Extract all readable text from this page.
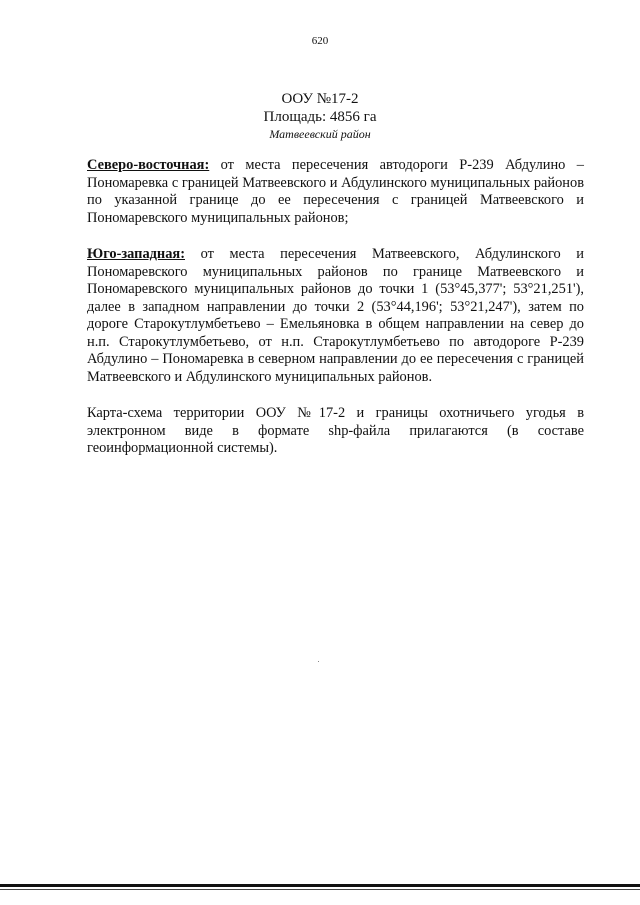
620
ООУ №17-2
Площадь: 4856 га
Матвеевский район

Северо-восточная: от места пересечения автодороги Р-239 Абдулино – Пономаревка с границей Матвеевского и Абдулинского муниципальных районов по указанной границе до ее пересечения с границей Матвеевского и Пономаревского муниципальных районов;

Юго-западная: от места пересечения Матвеевского, Абдулинского и Пономаревского муниципальных районов по границе Матвеевского и Пономаревского муниципальных районов до точки 1 (53°45,377'; 53°21,251'), далее в западном направлении до точки 2 (53°44,196'; 53°21,247'), затем по дороге Старокутлумбетьево – Емельяновка в общем направлении на север до н.п. Старокутлумбетьево, от н.п. Старокутлумбетьево по автодороге Р-239 Абдулино – Пономаревка в северном направлении до ее пересечения с границей Матвеевского и Абдулинского муниципальных районов.

Карта-схема территории ООУ №17-2 и границы охотничьего угодья в электронном виде в формате shp-файла прилагаются (в составе геоинформационной системы).
